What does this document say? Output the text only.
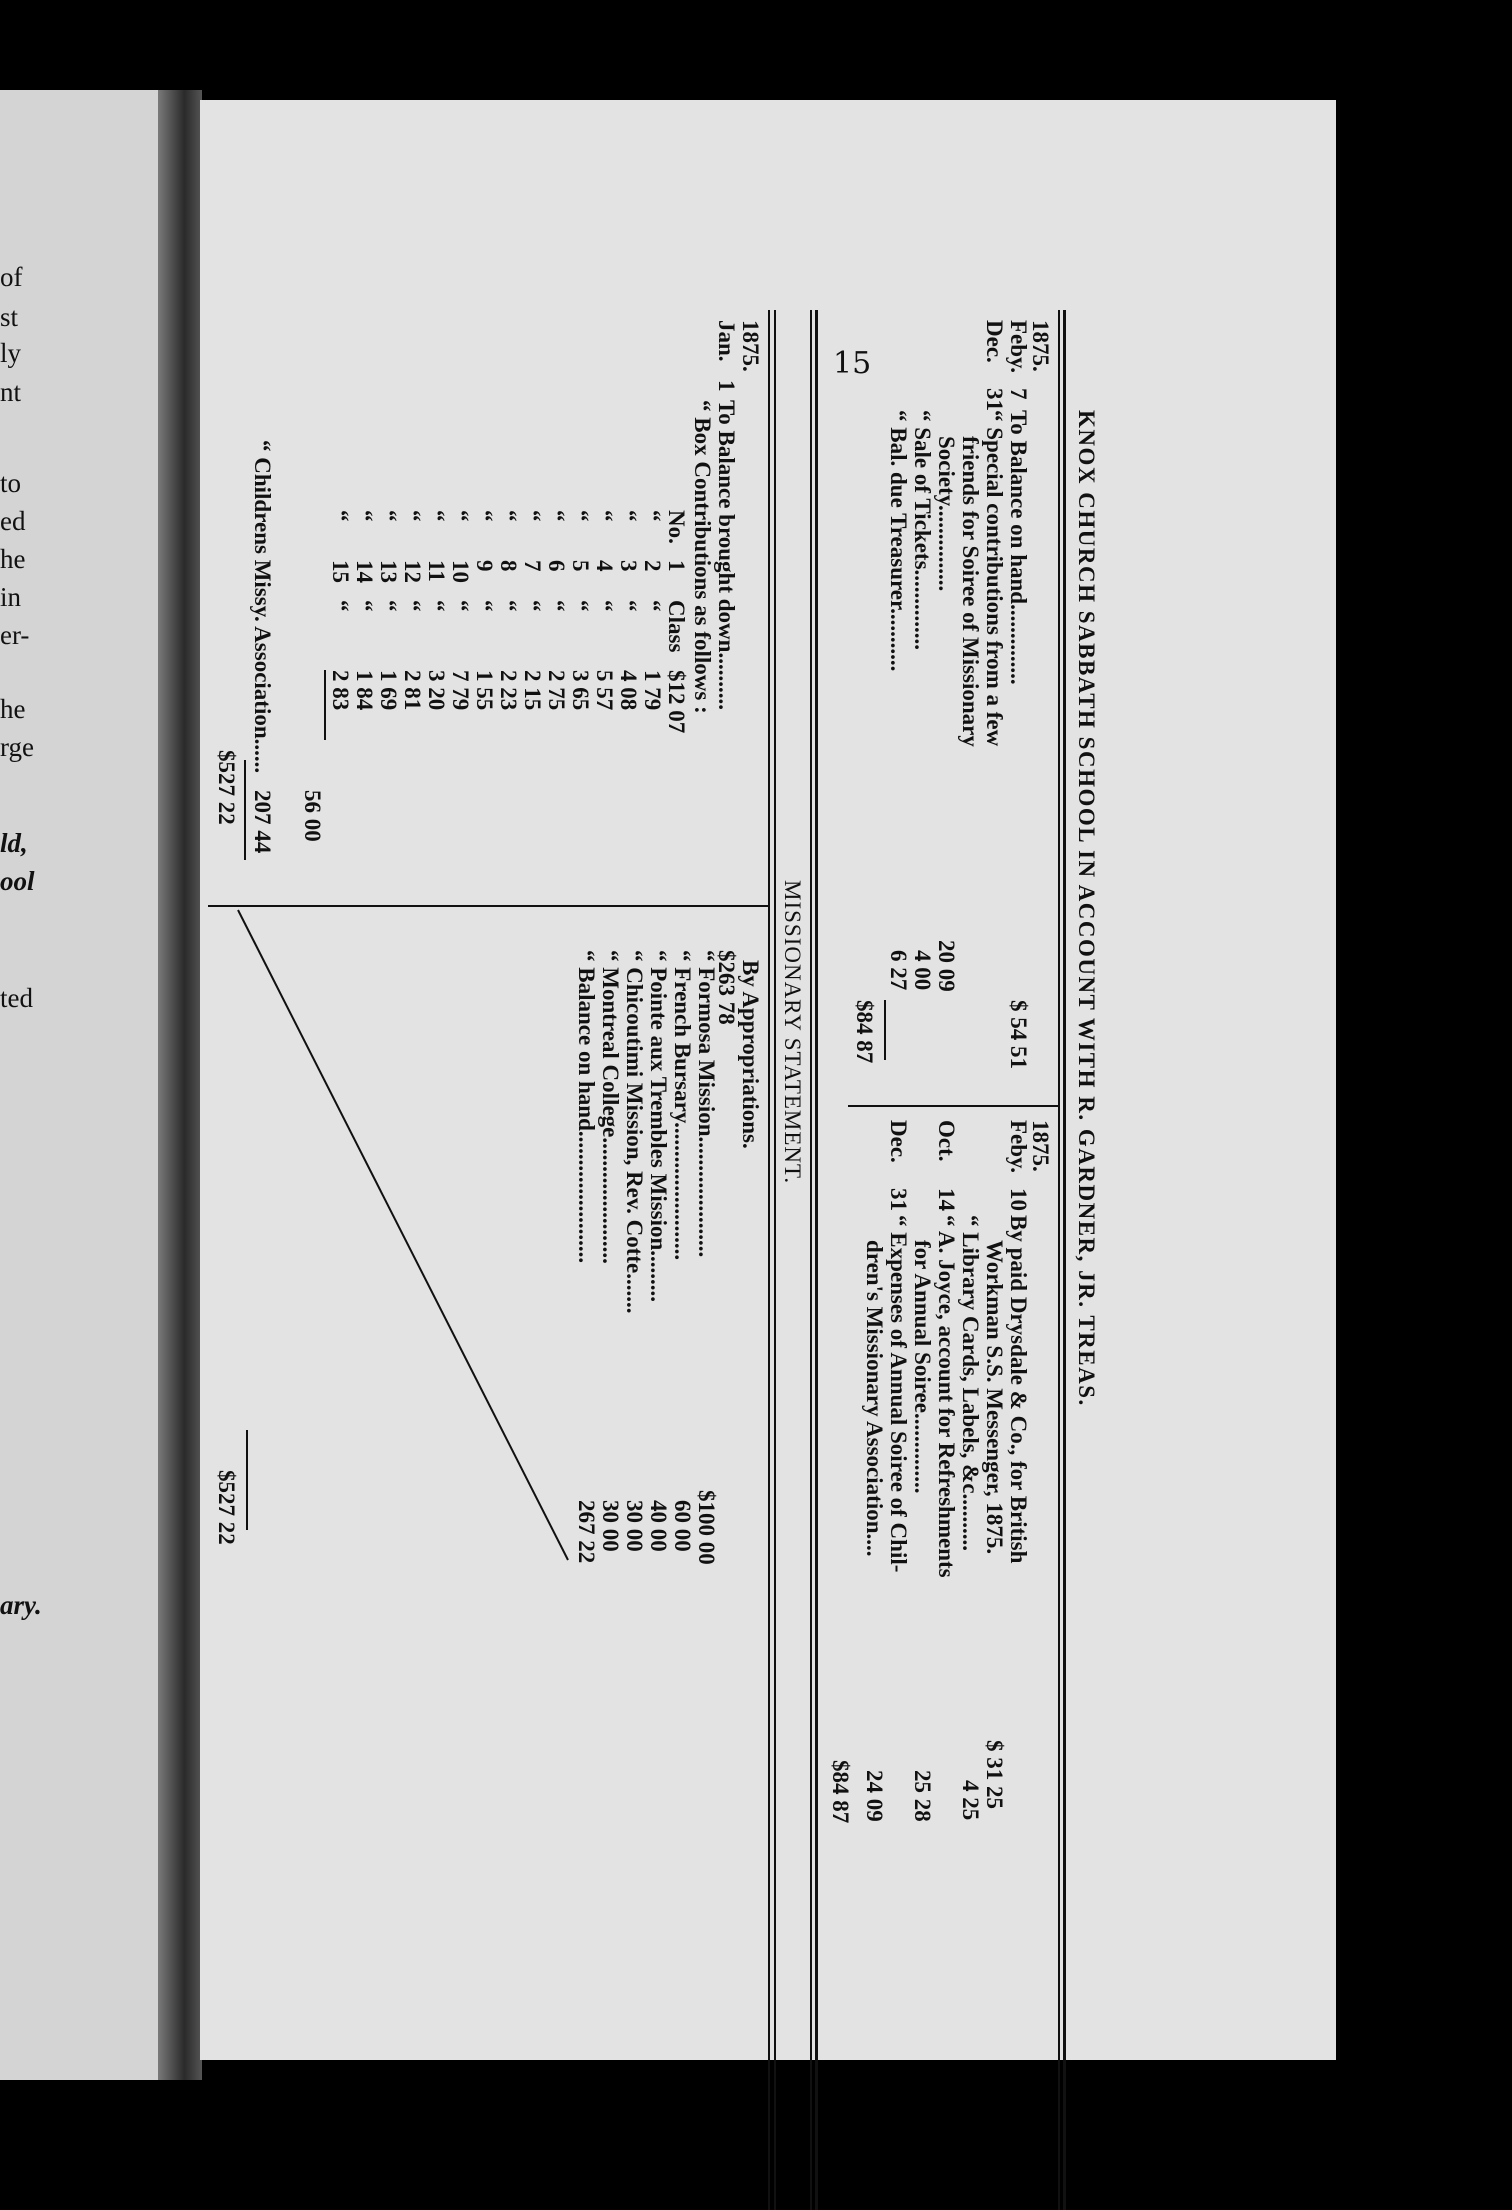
of
st
ly
nt
to
ed
he
in
er-
he
rge
ld,
ool
ted
ary.
15
KNOX CHURCH SABBATH SCHOOL IN ACCOUNT WITH R. GARDNER, JR. TREAS.
1875.
Feby.
7
To Balance on hand..............
$ 54 51
Dec.
31
“ Special contributions from a few
friends for Soiree of Missionary
Society...............
20 09
“ Sale of Tickets..............
4 00
“ Bal. due Treasurer...........
6 27
$84 87
1875.
Feby.
10
By paid Drysdale & Co., for British
Workman S.S. Messenger, 1875.
$ 31 25
“ Library Cards, Labels, &c..........
4 25
Oct.
14
“ A. Joyce, account for Refreshments
for Annual Soiree..............
25 28
Dec.
31
“ Expenses of Annual Soiree of Chil-
dren's Missionary Association....
24 09
$84 87
MISSIONARY STATEMENT.
1875.
Jan.
1
To Balance brought down..........
$263 78
“ Box Contributions as follows :
No.
1
Class
$12 07
“
2
“
1 79
“
3
“
4 08
“
4
“
5 57
“
5
“
3 65
“
6
“
2 75
“
7
“
2 15
“
8
“
2 23
“
9
“
1 55
“
10
“
7 79
“
11
“
3 20
“
12
“
2 81
“
13
“
1 69
“
14
“
1 84
“
15
“
2 83
56 00
“ Childrens Missy. Association......
207 44
$527 22
By Appropriations.
“ Formosa Mission.....................
$100 00
“ French Bursary........................
60 00
“ Pointe aux Trembles Mission.........
40 00
“ Chicoutimi Mission, Rev. Cotte.......
30 00
“ Montreal College......................
30 00
“ Balance on hand.......................
267 22
$527 22
